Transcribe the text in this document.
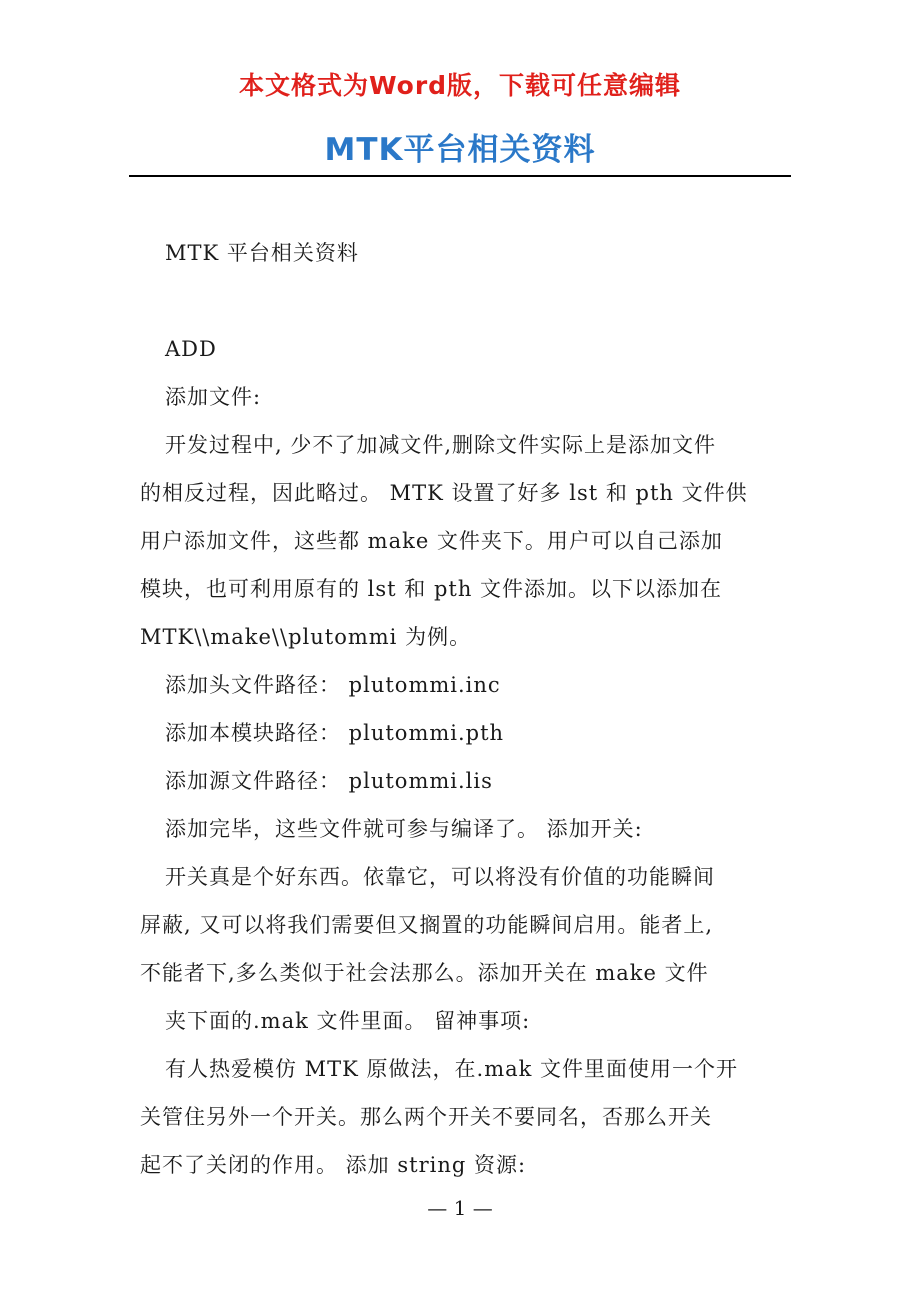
本文格式为Word版，下载可任意编辑
MTK平台相关资料
MTK 平台相关资料
ADD
添加文件:
开发过程中, 少不了加减文件,删除文件实际上是添加文件
的相反过程，因此略过。 MTK 设置了好多 lst 和 pth 文件供
用户添加文件，这些都 make 文件夹下。用户可以自己添加
模块，也可利用原有的 lst 和 pth 文件添加。以下以添加在
MTK\\make\\plutommi 为例。
添加头文件路径： plutommi.inc
添加本模块路径： plutommi.pth
添加源文件路径： plutommi.lis
添加完毕，这些文件就可参与编译了。 添加开关:
开关真是个好东西。依靠它，可以将没有价值的功能瞬间
屏蔽, 又可以将我们需要但又搁置的功能瞬间启用。能者上,
不能者下,多么类似于社会法那么。添加开关在 make 文件
夹下面的.mak 文件里面。 留神事项:
有人热爱模仿 MTK 原做法，在.mak 文件里面使用一个开
关管住另外一个开关。那么两个开关不要同名，否那么开关
起不了关闭的作用。 添加 string 资源:
— 1 —
